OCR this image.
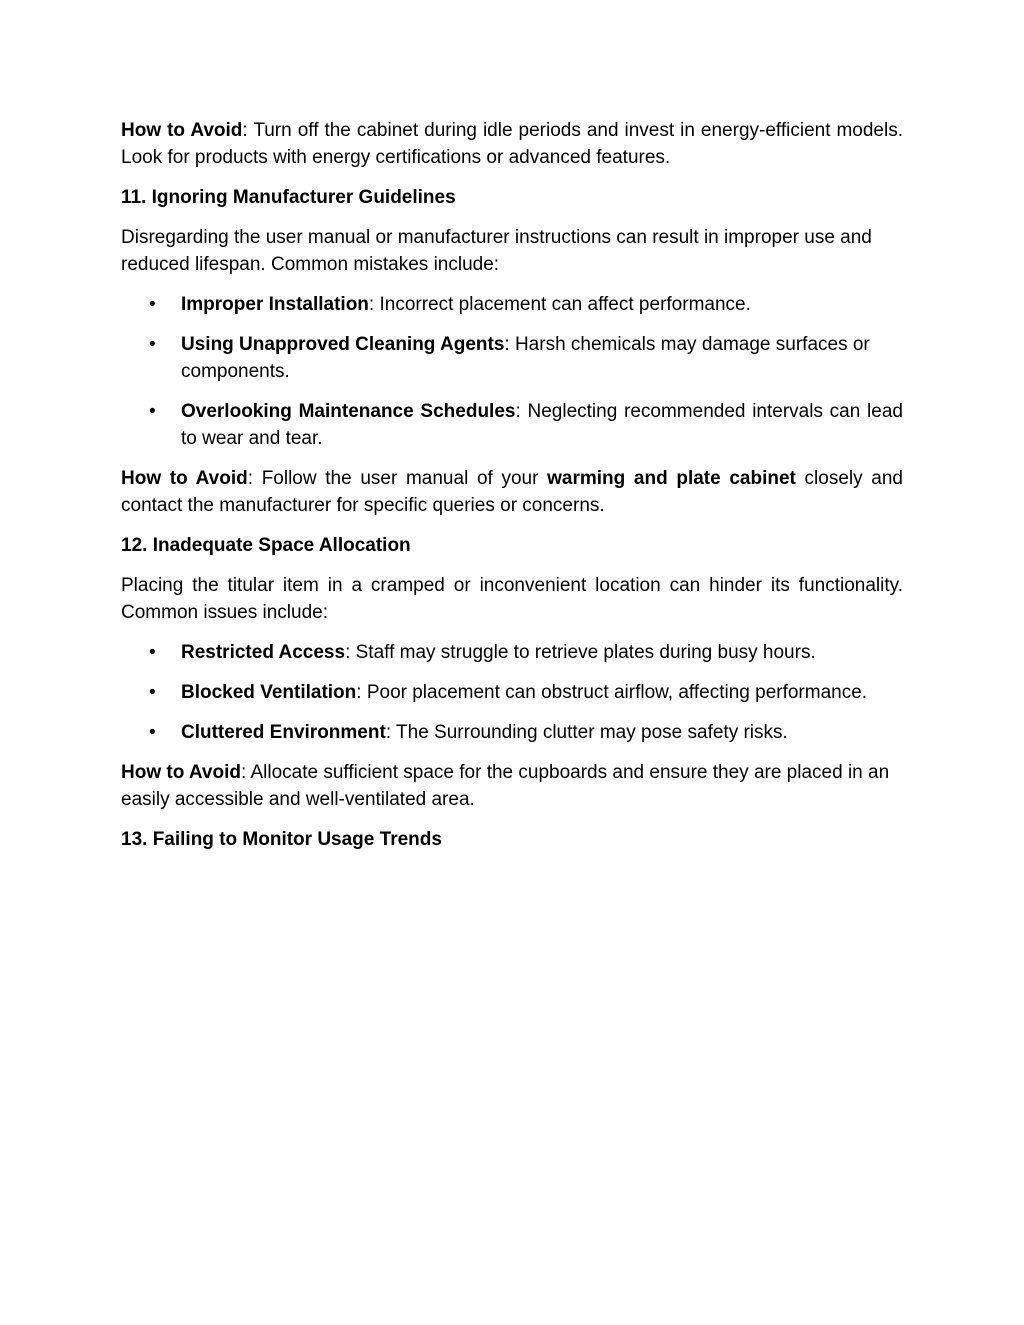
How to Avoid: Turn off the cabinet during idle periods and invest in energy-efficient models. Look for products with energy certifications or advanced features.

11. Ignoring Manufacturer Guidelines

Disregarding the user manual or manufacturer instructions can result in improper use and reduced lifespan. Common mistakes include:

• Improper Installation: Incorrect placement can affect performance.
• Using Unapproved Cleaning Agents: Harsh chemicals may damage surfaces or components.
• Overlooking Maintenance Schedules: Neglecting recommended intervals can lead to wear and tear.

How to Avoid: Follow the user manual of your warming and plate cabinet closely and contact the manufacturer for specific queries or concerns.

12. Inadequate Space Allocation

Placing the titular item in a cramped or inconvenient location can hinder its functionality. Common issues include:

• Restricted Access: Staff may struggle to retrieve plates during busy hours.
• Blocked Ventilation: Poor placement can obstruct airflow, affecting performance.
• Cluttered Environment: The Surrounding clutter may pose safety risks.

How to Avoid: Allocate sufficient space for the cupboards and ensure they are placed in an easily accessible and well-ventilated area.

13. Failing to Monitor Usage Trends
